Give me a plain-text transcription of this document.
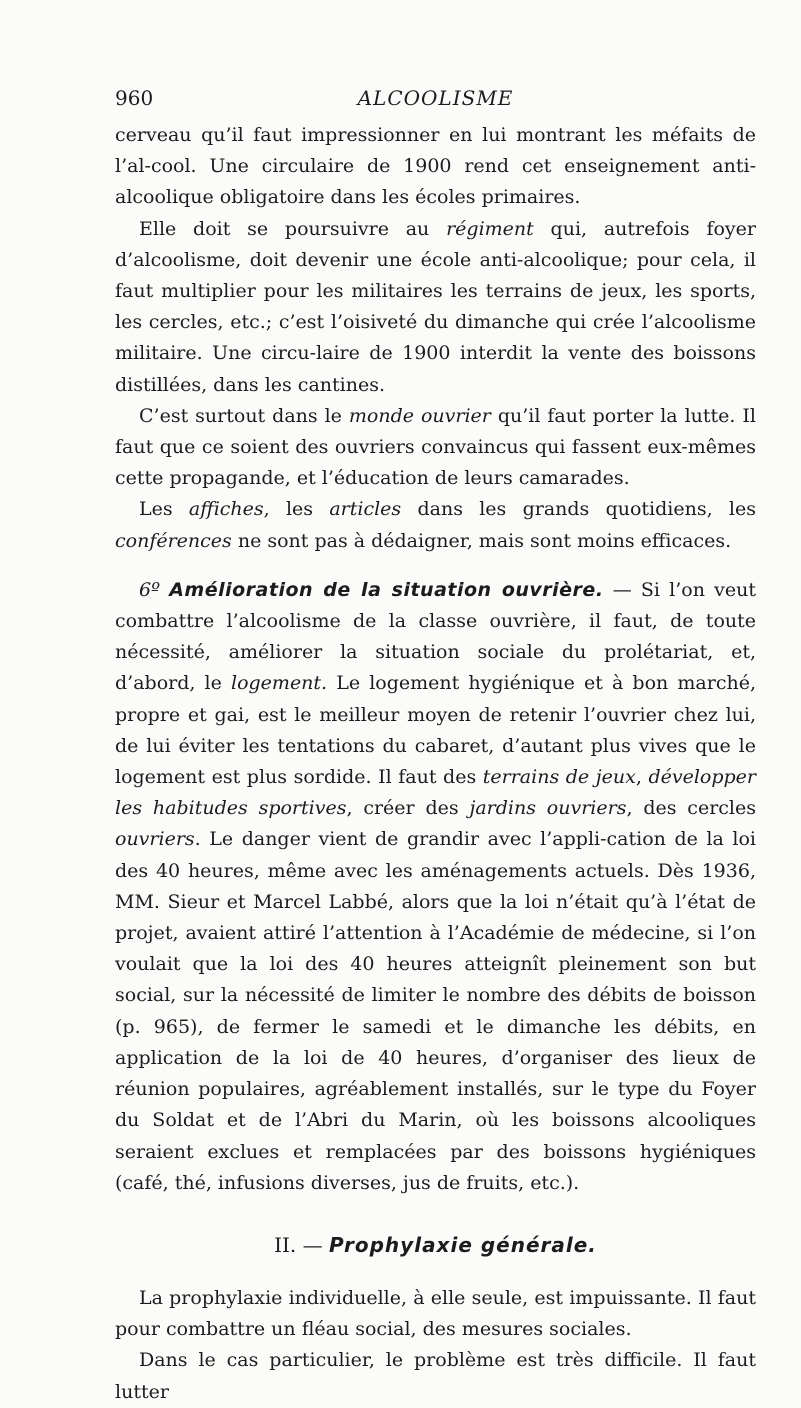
960	ALCOOLISME

cerveau qu’il faut impressionner en lui montrant les méfaits de l’al-cool. Une circulaire de 1900 rend cet enseignement anti-alcoolique obligatoire dans les écoles primaires.

Elle doit se poursuivre au régiment qui, autrefois foyer d’alcoolisme, doit devenir une école anti-alcoolique; pour cela, il faut multiplier pour les militaires les terrains de jeux, les sports, les cercles, etc.; c’est l’oisiveté du dimanche qui crée l’alcoolisme militaire. Une circu-laire de 1900 interdit la vente des boissons distillées, dans les cantines.

C’est surtout dans le monde ouvrier qu’il faut porter la lutte. Il faut que ce soient des ouvriers convaincus qui fassent eux-mêmes cette propagande, et l’éducation de leurs camarades.

Les affiches, les articles dans les grands quotidiens, les conférences ne sont pas à dédaigner, mais sont moins efficaces.

6º Amélioration de la situation ouvrière. — Si l’on veut combattre l’alcoolisme de la classe ouvrière, il faut, de toute nécessité, améliorer la situation sociale du prolétariat, et, d’abord, le logement. Le logement hygiénique et à bon marché, propre et gai, est le meilleur moyen de retenir l’ouvrier chez lui, de lui éviter les tentations du cabaret, d’autant plus vives que le logement est plus sordide. Il faut des terrains de jeux, développer les habitudes sportives, créer des jardins ouvriers, des cercles ouvriers. Le danger vient de grandir avec l’appli-cation de la loi des 40 heures, même avec les aménagements actuels. Dès 1936, MM. Sieur et Marcel Labbé, alors que la loi n’était qu’à l’état de projet, avaient attiré l’attention à l’Académie de médecine, si l’on voulait que la loi des 40 heures atteignît pleinement son but social, sur la nécessité de limiter le nombre des débits de boisson (p. 965), de fermer le samedi et le dimanche les débits, en application de la loi de 40 heures, d’organiser des lieux de réunion populaires, agréablement installés, sur le type du Foyer du Soldat et de l’Abri du Marin, où les boissons alcooliques seraient exclues et remplacées par des boissons hygiéniques (café, thé, infusions diverses, jus de fruits, etc.).

II. — Prophylaxie générale.

La prophylaxie individuelle, à elle seule, est impuissante. Il faut pour combattre un fléau social, des mesures sociales.

Dans le cas particulier, le problème est très difficile. Il faut lutter
